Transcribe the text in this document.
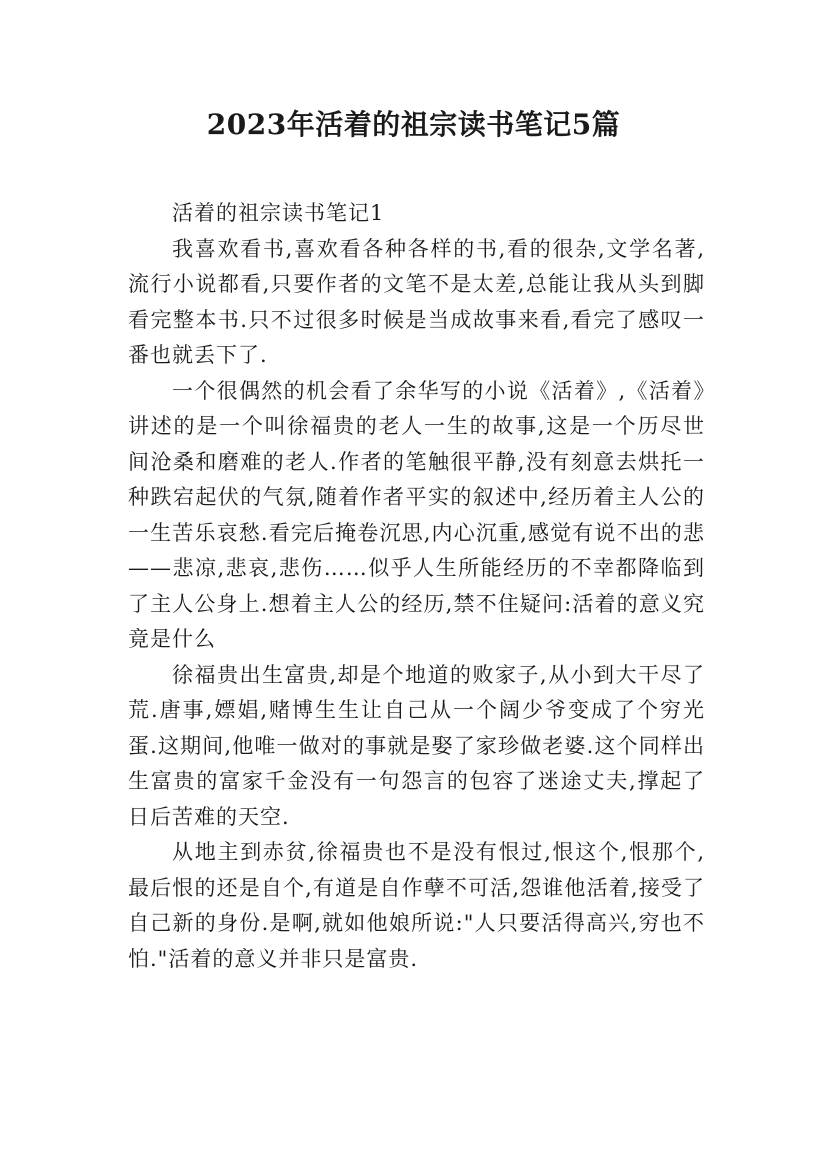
2023年活着的祖宗读书笔记5篇

活着的祖宗读书笔记1

我喜欢看书,喜欢看各种各样的书,看的很杂,文学名著,流行小说都看,只要作者的文笔不是太差,总能让我从头到脚看完整本书.只不过很多时候是当成故事来看,看完了感叹一番也就丢下了.

一个很偶然的机会看了余华写的小说《活着》,《活着》讲述的是一个叫徐福贵的老人一生的故事,这是一个历尽世间沧桑和磨难的老人.作者的笔触很平静,没有刻意去烘托一种跌宕起伏的气氛,随着作者平实的叙述中,经历着主人公的一生苦乐哀愁.看完后掩卷沉思,内心沉重,感觉有说不出的悲——悲凉,悲哀,悲伤……似乎人生所能经历的不幸都降临到了主人公身上.想着主人公的经历,禁不住疑问:活着的意义究竟是什么

徐福贵出生富贵,却是个地道的败家子,从小到大干尽了荒.唐事,嫖娼,赌博生生让自己从一个阔少爷变成了个穷光蛋.这期间,他唯一做对的事就是娶了家珍做老婆.这个同样出生富贵的富家千金没有一句怨言的包容了迷途丈夫,撑起了日后苦难的天空.

从地主到赤贫,徐福贵也不是没有恨过,恨这个,恨那个,最后恨的还是自个,有道是自作孽不可活,怨谁他活着,接受了自己新的身份.是啊,就如他娘所说:"人只要活得高兴,穷也不怕."活着的意义并非只是富贵.
